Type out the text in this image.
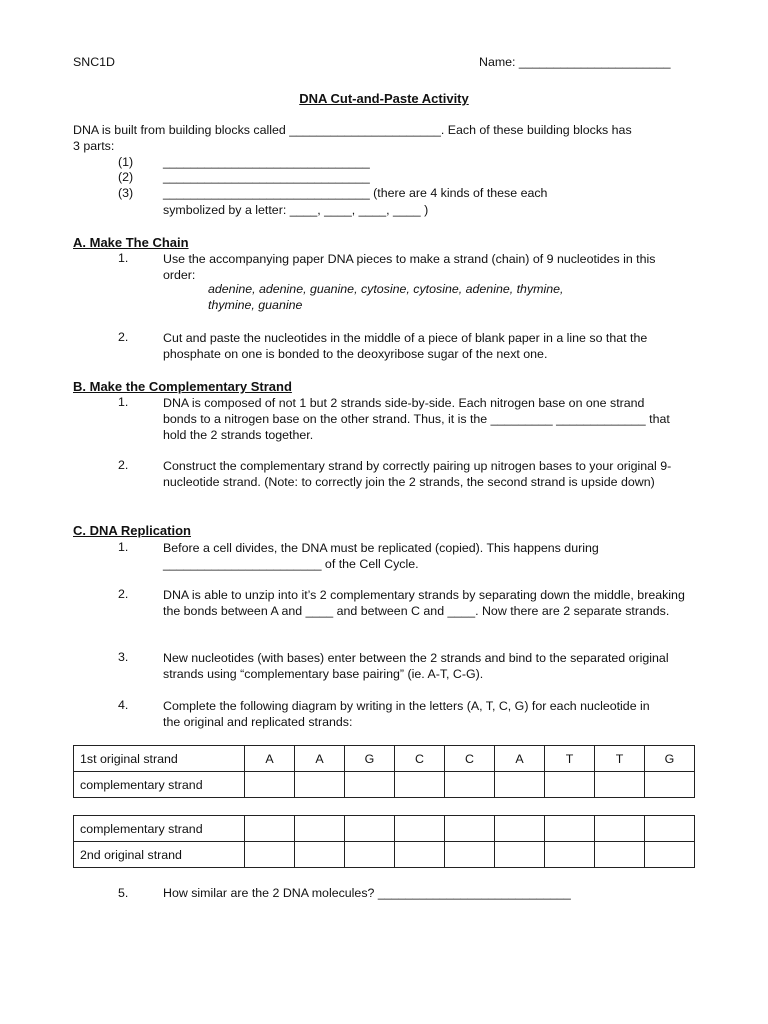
SNC1D	Name: ______________________
DNA Cut-and-Paste Activity
DNA is built from building blocks called ______________________. Each of these building blocks has
3 parts:
(1) ______________________________
(2) ______________________________
(3) ______________________________ (there are 4 kinds of these each
symbolized by a letter: ____, ____, ____, ____ )
A. Make The Chain
1.	Use the accompanying paper DNA pieces to make a strand (chain) of 9 nucleotides in this order:
adenine, adenine, guanine, cytosine, cytosine, adenine, thymine,
thymine, guanine
2.	Cut and paste the nucleotides in the middle of a piece of blank paper in a line so that the phosphate on one is bonded to the deoxyribose sugar of the next one.
B. Make the Complementary Strand
1.	DNA is composed of not 1 but 2 strands side-by-side. Each nitrogen base on one strand bonds to a nitrogen base on the other strand. Thus, it is the _________ _____________ that hold the 2 strands together.
2.	Construct the complementary strand by correctly pairing up nitrogen bases to your original 9-nucleotide strand. (Note: to correctly join the 2 strands, the second strand is upside down)
C. DNA Replication
1.	Before a cell divides, the DNA must be replicated (copied). This happens during _______________________ of the Cell Cycle.
2.	DNA is able to unzip into it’s 2 complementary strands by separating down the middle, breaking the bonds between A and ____ and between C and ____. Now there are 2 separate strands.
3.	New nucleotides (with bases) enter between the 2 strands and bind to the separated original strands using “complementary base pairing” (ie. A-T, C-G).
4.	Complete the following diagram by writing in the letters (A, T, C, G) for each nucleotide in the original and replicated strands:
1st original strand	A	A	G	C	C	A	T	T	G
complementary strand									
complementary strand									
2nd original strand									
5.	How similar are the 2 DNA molecules? ____________________________
